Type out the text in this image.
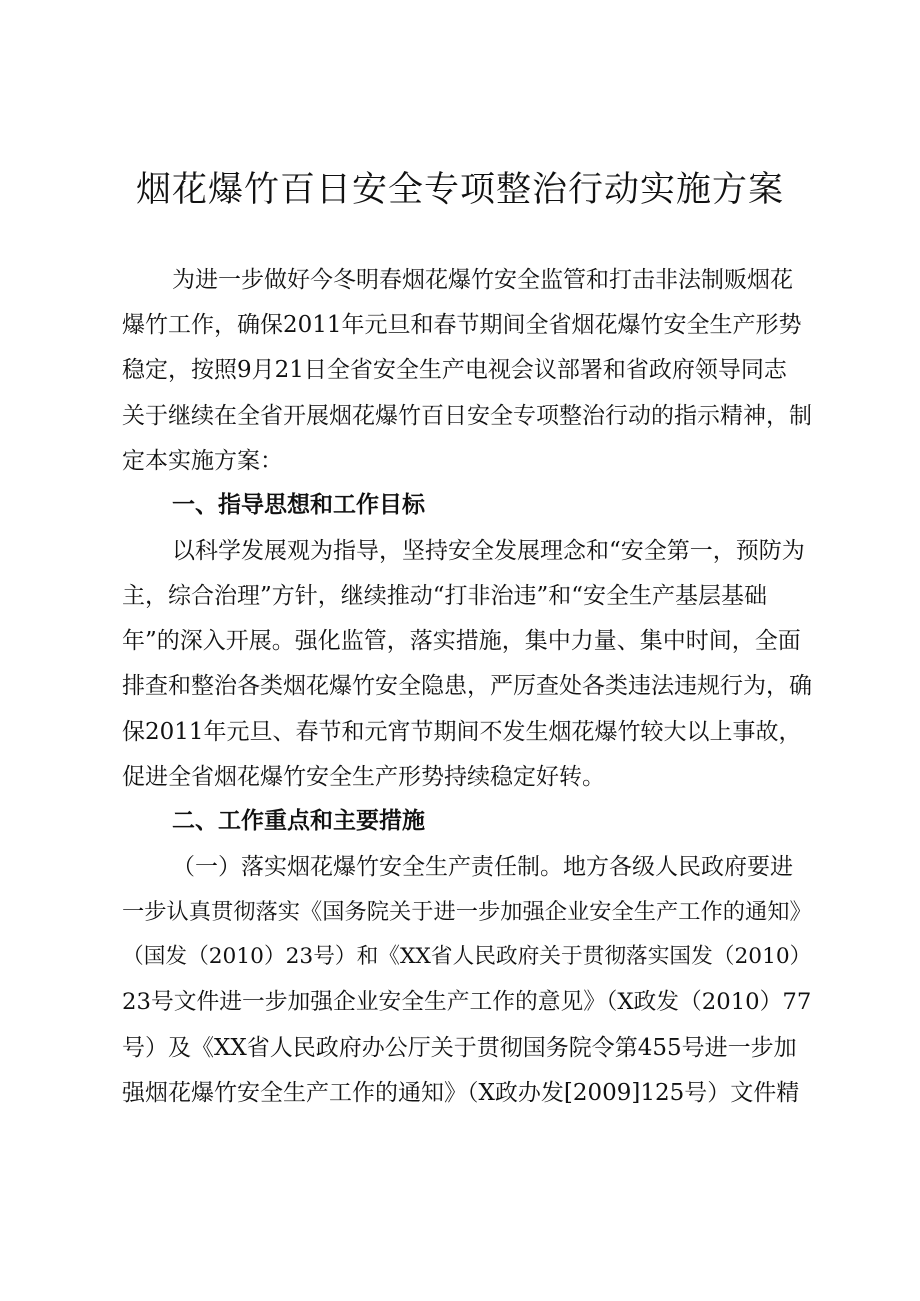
烟花爆竹百日安全专项整治行动实施方案
为进一步做好今冬明春烟花爆竹安全监管和打击非法制贩烟花
爆竹工作，确保2011年元旦和春节期间全省烟花爆竹安全生产形势
稳定，按照9月21日全省安全生产电视会议部署和省政府领导同志
关于继续在全省开展烟花爆竹百日安全专项整治行动的指示精神，制
定本实施方案：
一、指导思想和工作目标
以科学发展观为指导，坚持安全发展理念和“安全第一，预防为
主，综合治理”方针，继续推动“打非治违”和“安全生产基层基础
年”的深入开展。强化监管，落实措施，集中力量、集中时间，全面
排查和整治各类烟花爆竹安全隐患，严厉查处各类违法违规行为，确
保2011年元旦、春节和元宵节期间不发生烟花爆竹较大以上事故，
促进全省烟花爆竹安全生产形势持续稳定好转。
二、工作重点和主要措施
（一）落实烟花爆竹安全生产责任制。地方各级人民政府要进
一步认真贯彻落实《国务院关于进一步加强企业安全生产工作的通知》
（国发（2010）23号）和《XX省人民政府关于贯彻落实国发（2010）
23号文件进一步加强企业安全生产工作的意见》（X政发（2010）77
号）及《XX省人民政府办公厅关于贯彻国务院令第455号进一步加
强烟花爆竹安全生产工作的通知》（X政办发[2009]125号）文件精
